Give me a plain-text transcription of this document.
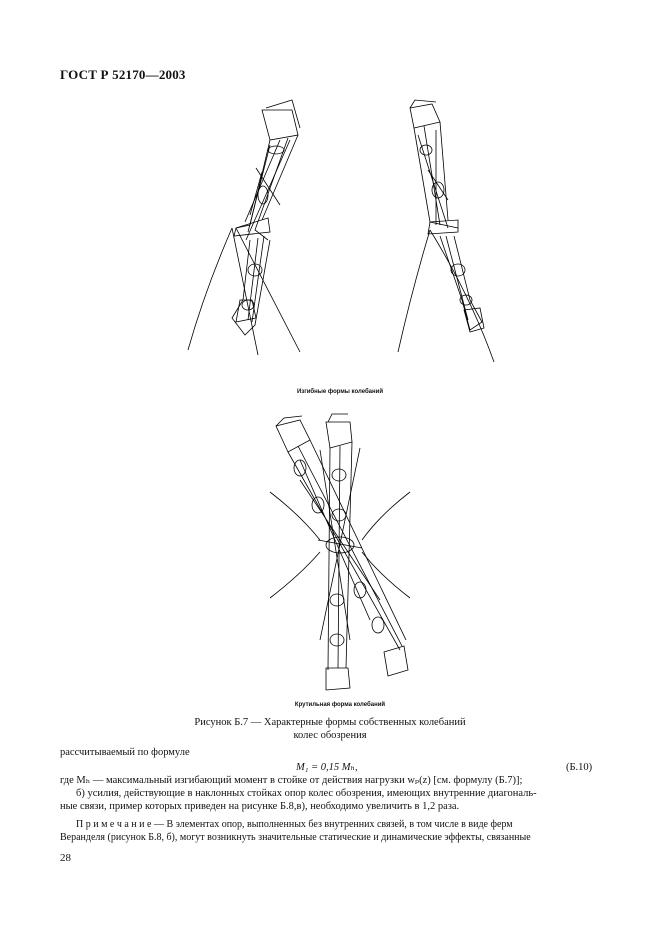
ГОСТ Р 52170—2003
Изгибные формы колебаний
Крутильная форма колебаний
Рисунок Б.7 — Характерные формы собственных колебаний
колес обозрения
рассчитываемый по формуле
M₁ = 0,15 Mₕ,	(Б.10)
где Mₕ — максимальный изгибающий момент в стойке от действия нагрузки wₚ(z) [см. формулу (Б.7)];
б) усилия, действующие в наклонных стойках опор колес обозрения, имеющих внутренние диагональ-
ные связи, пример которых приведен на рисунке Б.8,в), необходимо увеличить в 1,2 раза.
П р и м е ч а н и е — В элементах опор, выполненных без внутренних связей, в том числе в виде ферм
Веранделя (рисунок Б.8, б), могут возникнуть значительные статические и динамические эффекты, связанные
28
